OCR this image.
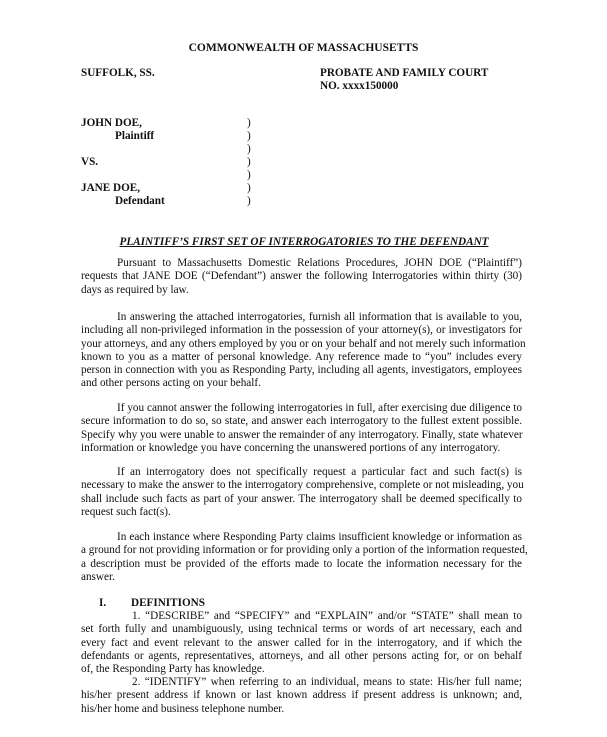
COMMONWEALTH OF MASSACHUSETTS
SUFFOLK, SS.	PROBATE AND FAMILY COURT
NO. xxxx150000
JOHN DOE,
Plaintiff
VS.
JANE DOE,
Defendant
)
)
)
)
)
)
)
PLAINTIFF’S FIRST SET OF INTERROGATORIES TO THE DEFENDANT
Pursuant to Massachusetts Domestic Relations Procedures, JOHN DOE (“Plaintiff”)
requests that JANE DOE (“Defendant”) answer the following Interrogatories within thirty (30)
days as required by law.
In answering the attached interrogatories, furnish all information that is available to you,
including all non-privileged information in the possession of your attorney(s), or investigators for
your attorneys, and any others employed by you or on your behalf and not merely such information
known to you as a matter of personal knowledge. Any reference made to “you” includes every
person in connection with you as Responding Party, including all agents, investigators, employees
and other persons acting on your behalf.
If you cannot answer the following interrogatories in full, after exercising due diligence to
secure information to do so, so state, and answer each interrogatory to the fullest extent possible.
Specify why you were unable to answer the remainder of any interrogatory. Finally, state whatever
information or knowledge you have concerning the unanswered portions of any interrogatory.
If an interrogatory does not specifically request a particular fact and such fact(s) is
necessary to make the answer to the interrogatory comprehensive, complete or not misleading, you
shall include such facts as part of your answer. The interrogatory shall be deemed specifically to
request such fact(s).
In each instance where Responding Party claims insufficient knowledge or information as
a ground for not providing information or for providing only a portion of the information requested,
a description must be provided of the efforts made to locate the information necessary for the
answer.
I. DEFINITIONS
1. “DESCRIBE” and “SPECIFY” and “EXPLAIN” and/or “STATE” shall mean to
set forth fully and unambiguously, using technical terms or words of art necessary, each and
every fact and event relevant to the answer called for in the interrogatory, and if which the
defendants or agents, representatives, attorneys, and all other persons acting for, or on behalf
of, the Responding Party has knowledge.
2. “IDENTIFY” when referring to an individual, means to state: His/her full name;
his/her present address if known or last known address if present address is unknown; and,
his/her home and business telephone number.
